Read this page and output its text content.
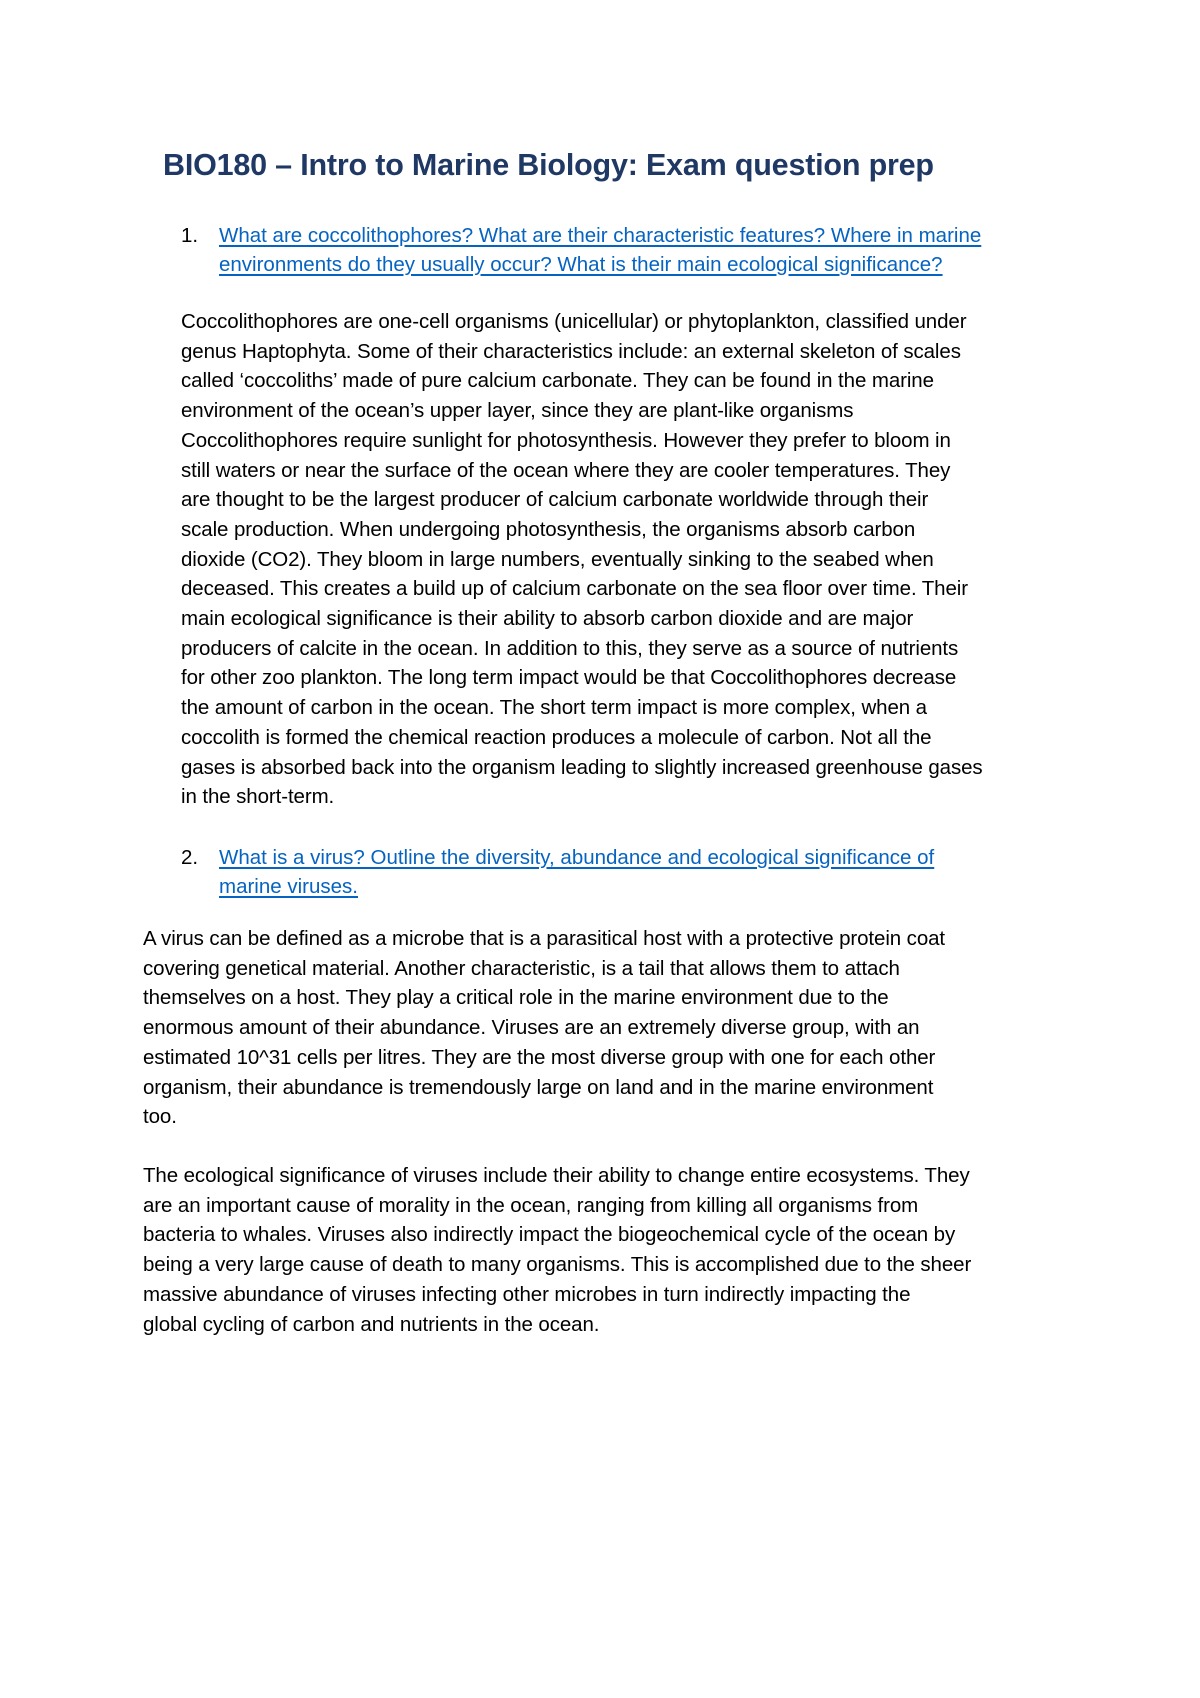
BIO180 – Intro to Marine Biology: Exam question prep
1. What are coccolithophores? What are their characteristic features? Where in marine
environments do they usually occur? What is their main ecological significance?

Coccolithophores are one-cell organisms (unicellular) or phytoplankton, classified under
genus Haptophyta. Some of their characteristics include: an external skeleton of scales
called ‘coccoliths’ made of pure calcium carbonate. They can be found in the marine
environment of the ocean’s upper layer, since they are plant-like organisms
Coccolithophores require sunlight for photosynthesis. However they prefer to bloom in
still waters or near the surface of the ocean where they are cooler temperatures. They
are thought to be the largest producer of calcium carbonate worldwide through their
scale production. When undergoing photosynthesis, the organisms absorb carbon
dioxide (CO2). They bloom in large numbers, eventually sinking to the seabed when
deceased. This creates a build up of calcium carbonate on the sea floor over time. Their
main ecological significance is their ability to absorb carbon dioxide and are major
producers of calcite in the ocean. In addition to this, they serve as a source of nutrients
for other zoo plankton. The long term impact would be that Coccolithophores decrease
the amount of carbon in the ocean. The short term impact is more complex, when a
coccolith is formed the chemical reaction produces a molecule of carbon. Not all the
gases is absorbed back into the organism leading to slightly increased greenhouse gases
in the short-term.

2. What is a virus? Outline the diversity, abundance and ecological significance of
marine viruses.

A virus can be defined as a microbe that is a parasitical host with a protective protein coat
covering genetical material. Another characteristic, is a tail that allows them to attach
themselves on a host. They play a critical role in the marine environment due to the
enormous amount of their abundance. Viruses are an extremely diverse group, with an
estimated 10^31 cells per litres. They are the most diverse group with one for each other
organism, their abundance is tremendously large on land and in the marine environment
too.

The ecological significance of viruses include their ability to change entire ecosystems. They
are an important cause of morality in the ocean, ranging from killing all organisms from
bacteria to whales. Viruses also indirectly impact the biogeochemical cycle of the ocean by
being a very large cause of death to many organisms. This is accomplished due to the sheer
massive abundance of viruses infecting other microbes in turn indirectly impacting the
global cycling of carbon and nutrients in the ocean.
